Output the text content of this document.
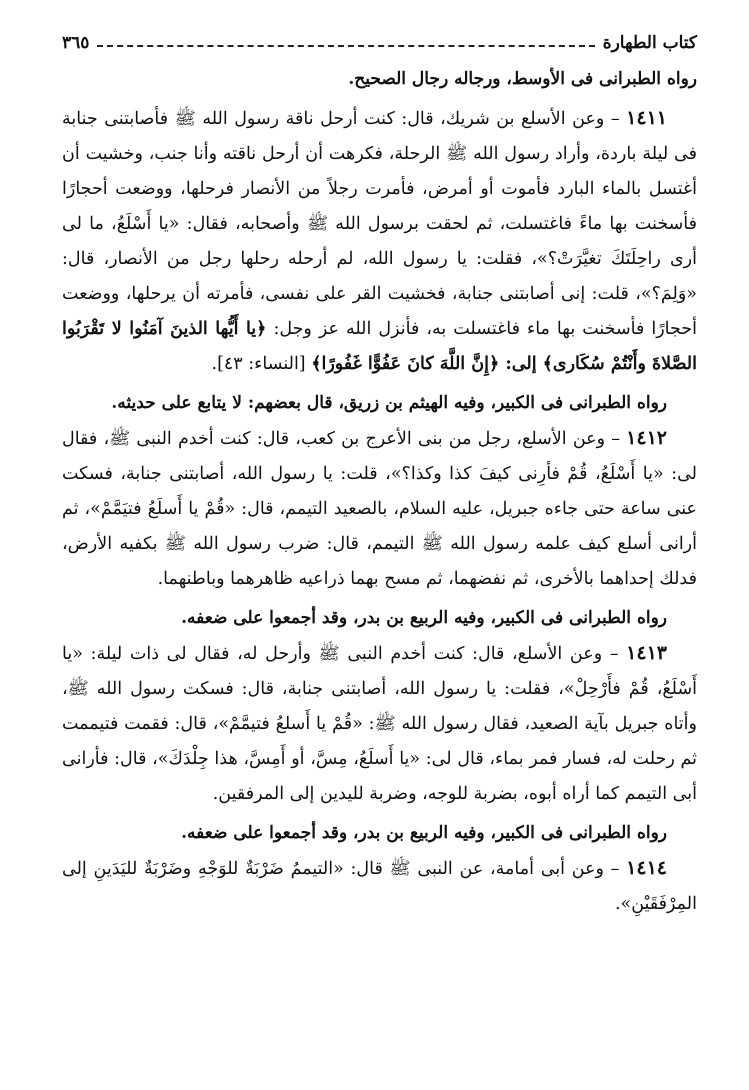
كتاب الطهارة
٣٦٥

رواه الطبرانى فى الأوسط، ورجاله رجال الصحيح.

١٤١١ – وعن الأسلع بن شريك، قال: كنت أرحل ناقة رسول الله ﷺ فأصابتنى جنابة فى ليلة باردة، وأراد رسول الله ﷺ الرحلة، فكرهت أن أرحل ناقته وأنا جنب، وخشيت أن أغتسل بالماء البارد فأموت أو أمرض، فأمرت رجلاً من الأنصار فرحلها، ووضعت أحجارًا فأسخنت بها ماءً فاغتسلت، ثم لحقت برسول الله ﷺ وأصحابه، فقال: «يا أَسْلَعُ، ما لى أرى راحِلَتَكَ تغيَّرَتْ؟»، فقلت: يا رسول الله، لم أرحله رحلها رجل من الأنصار، قال: «وَلِمَ؟»، قلت: إنى أصابتنى جنابة، فخشيت القر على نفسى، فأمرته أن يرحلها، ووضعت أحجارًا فأسخنت بها ماء فاغتسلت به، فأنزل الله عز وجل: ﴿يا أَيُّها الذينَ آمَنُوا لا تَقْرَبُوا الصَّلاةَ وأَنْتُمْ سُكَارى﴾ إلى: ﴿إِنَّ اللَّهَ كانَ عَفُوًّا غَفُورًا﴾ [النساء: ٤٣].

رواه الطبرانى فى الكبير، وفيه الهيثم بن زريق، قال بعضهم: لا يتابع على حديثه.

١٤١٢ – وعن الأسلع، رجل من بنى الأعرج بن كعب، قال: كنت أخدم النبى ﷺ، فقال لى: «يا أَسْلَعُ، قُمْ فأرِنى كيفَ كذا وكذا؟»، قلت: يا رسول الله، أصابتنى جنابة، فسكت عنى ساعة حتى جاءه جبريل، عليه السلام، بالصعيد التيمم، قال: «قُمْ يا أَسلَعُ فتيَمَّمْ»، ثم أرانى أسلع كيف علمه رسول الله ﷺ التيمم، قال: ضرب رسول الله ﷺ بكفيه الأرض، فدلك إحداهما بالأخرى، ثم نفضهما، ثم مسح بهما ذراعيه ظاهرهما وباطنهما.

رواه الطبرانى فى الكبير، وفيه الربيع بن بدر، وقد أجمعوا على ضعفه.

١٤١٣ – وعن الأسلع، قال: كنت أخدم النبى ﷺ وأرحل له، فقال لى ذات ليلة: «يا أَسْلَعُ، قُمْ فأَرْحِلْ»، فقلت: يا رسول الله، أصابتنى جنابة، قال: فسكت رسول الله ﷺ، وأتاه جبريل بآية الصعيد، فقال رسول الله ﷺ: «قُمْ يا أَسلعُ فتيمَّمْ»، قال: فقمت فتيممت ثم رحلت له، فسار فمر بماء، قال لى: «يا أَسلَعُ، مِسَّ، أو أَمِسَّ، هذا جِلْدَكَ»، قال: فأرانى أبى التيمم كما أراه أبوه، بضربة للوجه، وضربة لليدين إلى المرفقين.

رواه الطبرانى فى الكبير، وفيه الربيع بن بدر، وقد أجمعوا على ضعفه.

١٤١٤ – وعن أبى أمامة، عن النبى ﷺ قال: «التيممُ ضَرْبَةٌ للوَجْهِ وضَرْبَةٌ لليَدَينِ إلى المِرْفَقَيْنِ».
